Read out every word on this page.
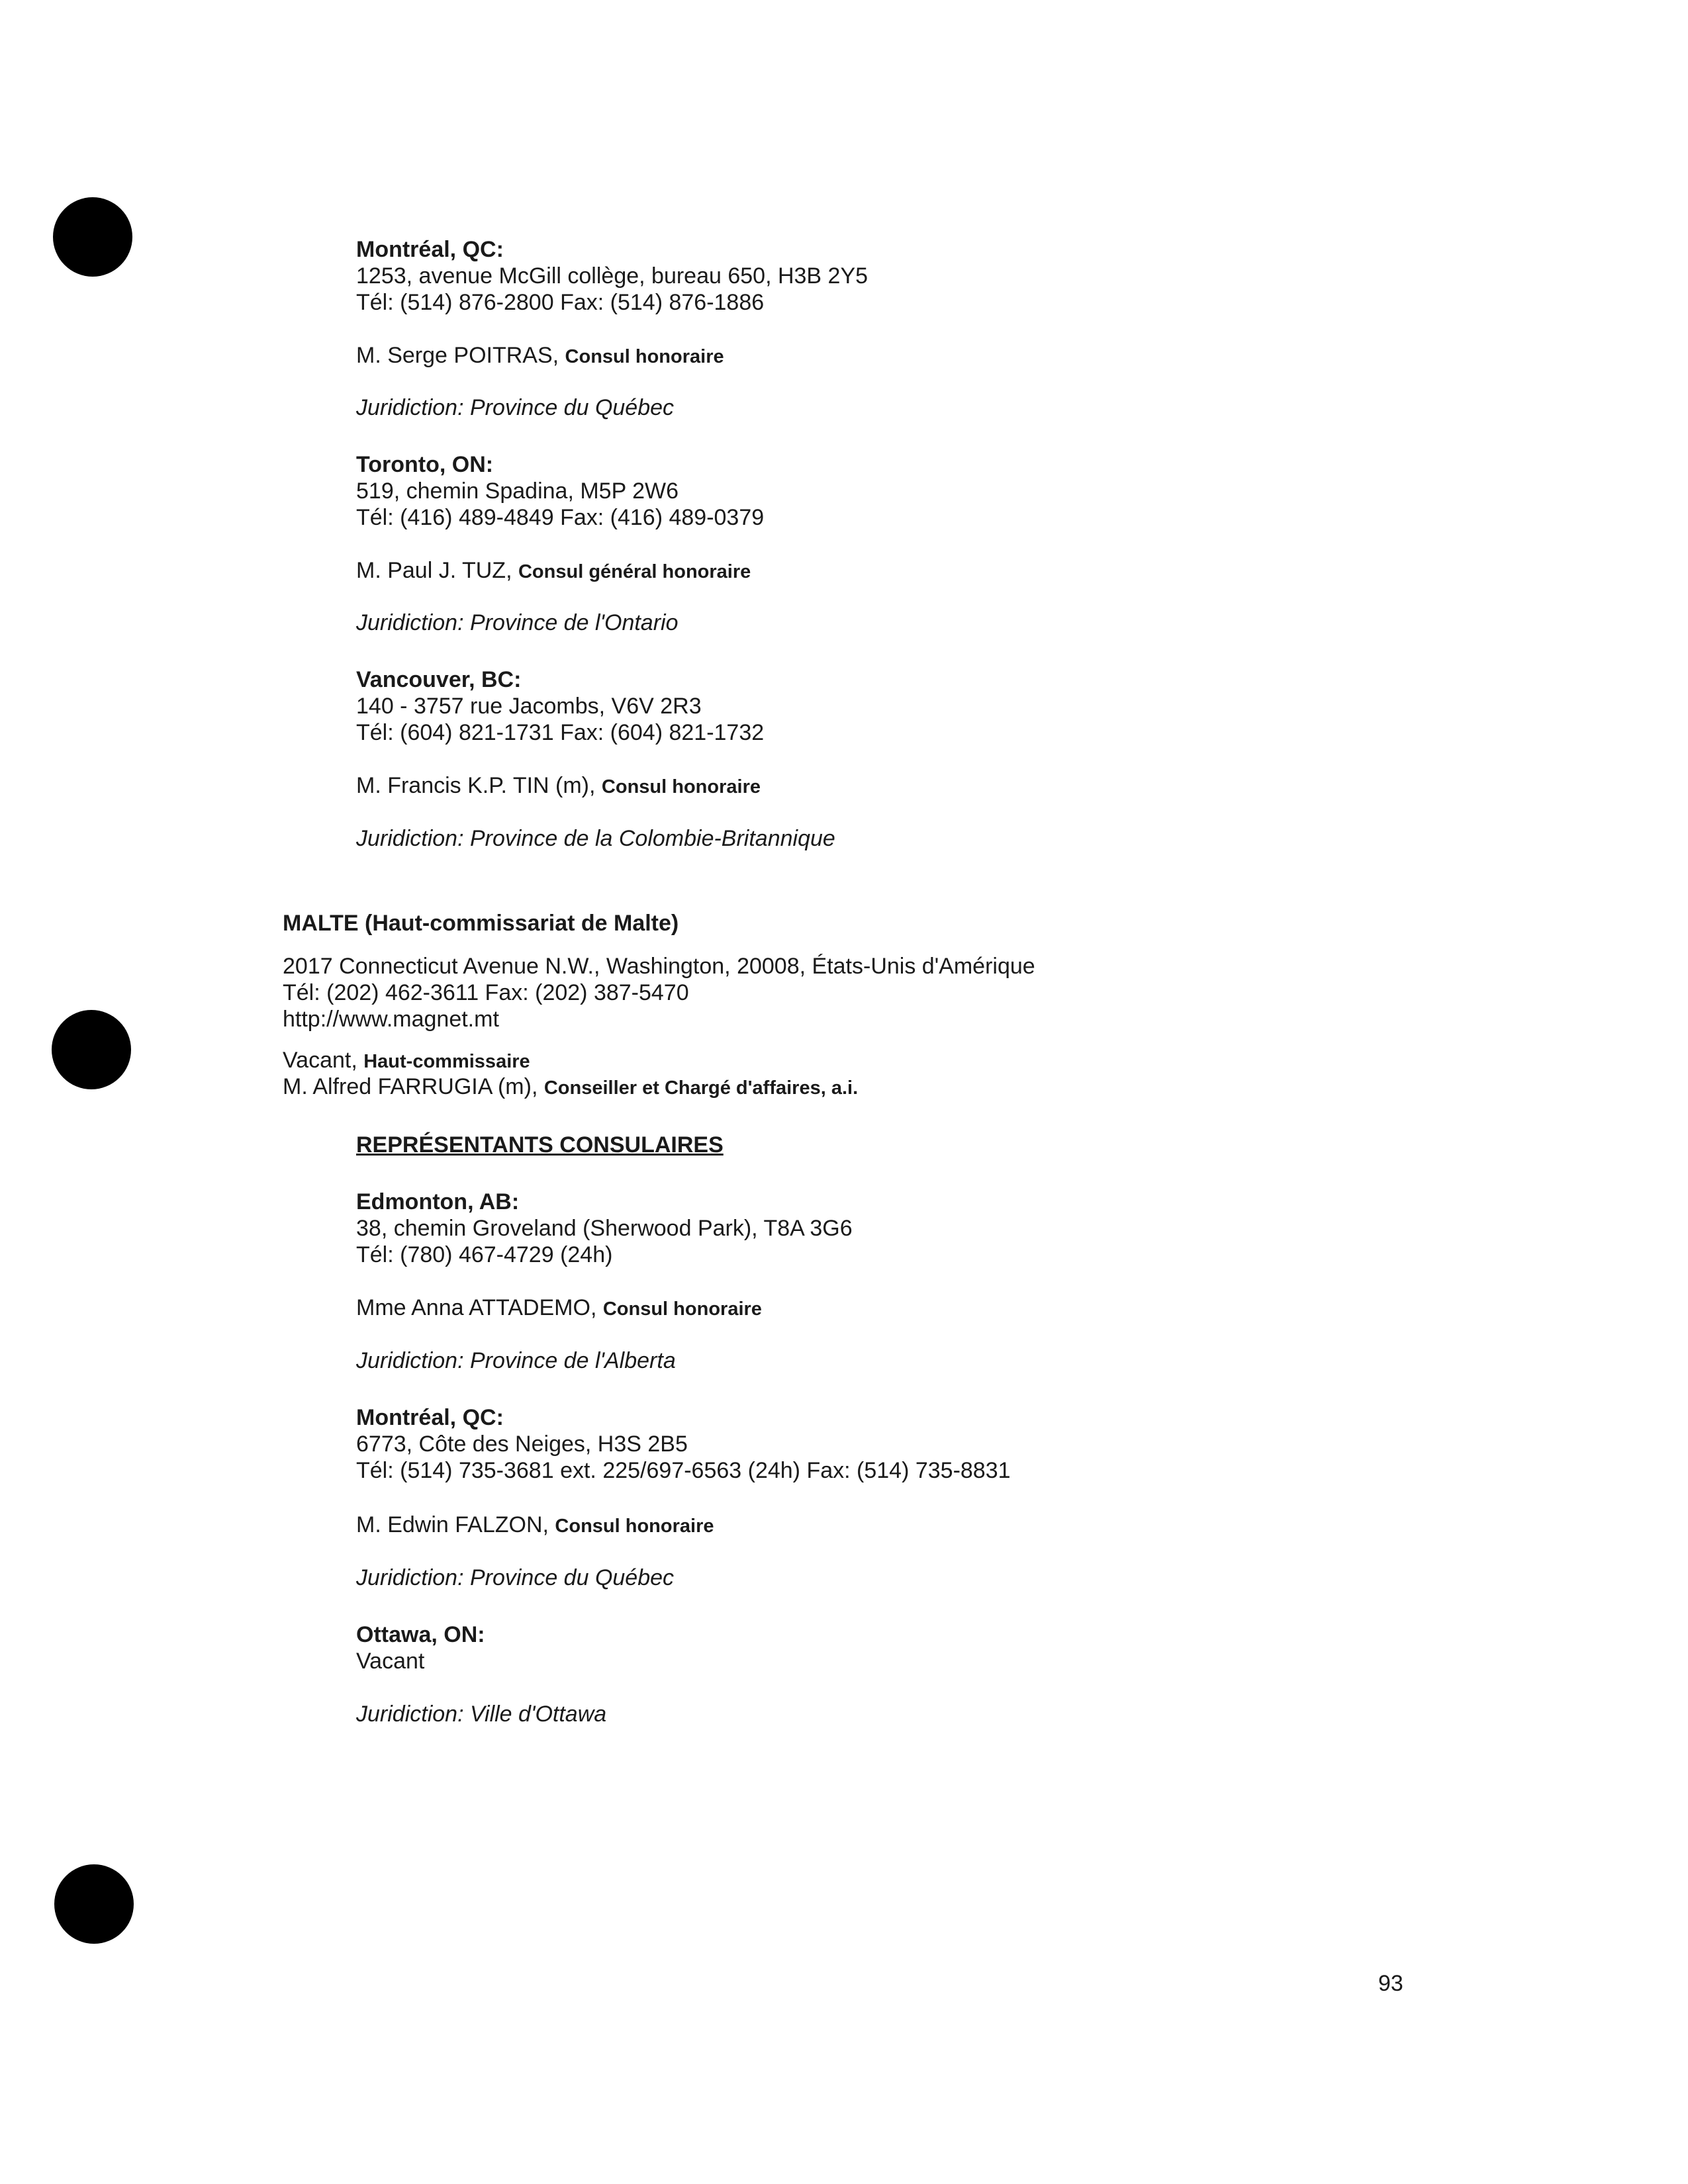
Montréal, QC:
1253, avenue McGill collège, bureau 650, H3B 2Y5
Tél: (514) 876-2800 Fax: (514) 876-1886
M. Serge POITRAS, Consul honoraire
Juridiction: Province du Québec
Toronto, ON:
519, chemin Spadina, M5P 2W6
Tél: (416) 489-4849 Fax: (416) 489-0379
M. Paul J. TUZ, Consul général honoraire
Juridiction: Province de l'Ontario
Vancouver, BC:
140 - 3757 rue Jacombs, V6V 2R3
Tél: (604) 821-1731 Fax: (604) 821-1732
M. Francis K.P. TIN (m), Consul honoraire
Juridiction: Province de la Colombie-Britannique
MALTE (Haut-commissariat de Malte)
2017 Connecticut Avenue N.W., Washington, 20008, États-Unis d'Amérique
Tél: (202) 462-3611 Fax: (202) 387-5470
http://www.magnet.mt
Vacant, Haut-commissaire
M. Alfred FARRUGIA (m), Conseiller et Chargé d'affaires, a.i.
REPRÉSENTANTS CONSULAIRES
Edmonton, AB:
38, chemin Groveland (Sherwood Park), T8A 3G6
Tél: (780) 467-4729 (24h)
Mme Anna ATTADEMO, Consul honoraire
Juridiction: Province de l'Alberta
Montréal, QC:
6773, Côte des Neiges, H3S 2B5
Tél: (514) 735-3681 ext. 225/697-6563 (24h) Fax: (514) 735-8831
M. Edwin FALZON, Consul honoraire
Juridiction: Province du Québec
Ottawa, ON:
Vacant
Juridiction: Ville d'Ottawa
93
